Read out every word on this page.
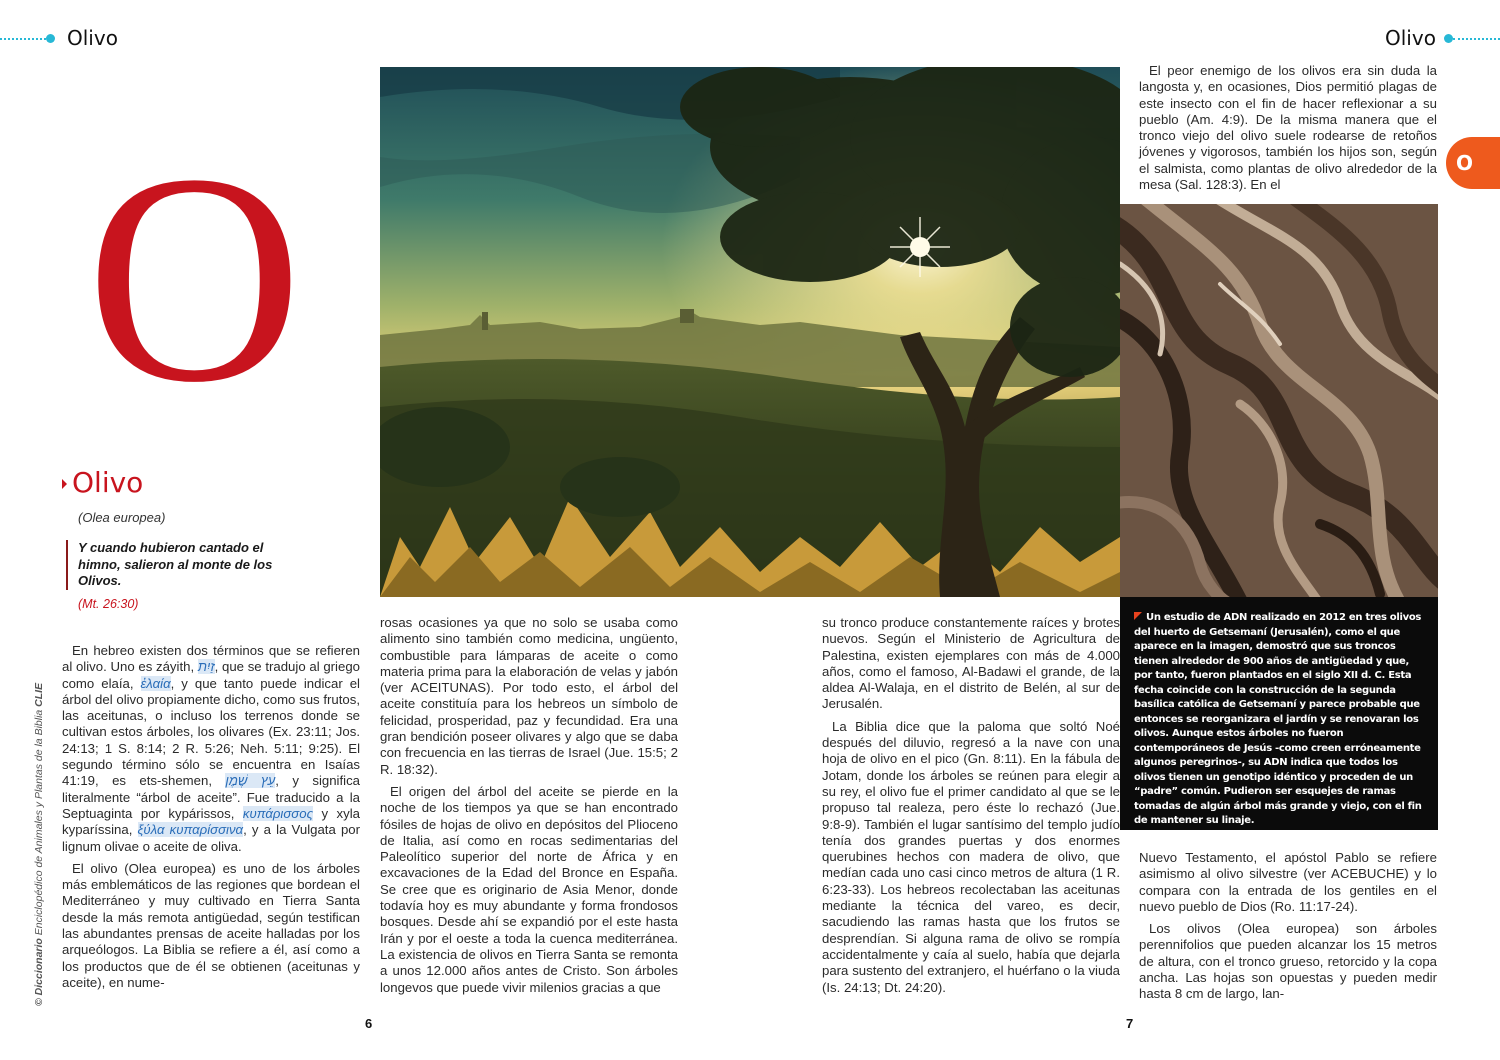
Olivo	Olivo
O
Olivo
(Olea europea)
Y cuando hubieron cantado el himno, salieron al monte de los Olivos.
(Mt. 26:30)

En hebreo existen dos términos que se refieren al olivo. Uno es záyith, זַיִת, que se tradujo al griego como elaía, ἐλαία, y que tanto puede indicar el árbol del olivo propiamente dicho, como sus frutos, las aceitunas, o incluso los terrenos donde se cultivan estos árboles, los olivares (Ex. 23:11; Jos. 24:13; 1 S. 8:14; 2 R. 5:26; Neh. 5:11; 9:25). El segundo término sólo se encuentra en Isaías 41:19, es ets-shemen, עֵץ שֶׁמֶן, y significa literalmente “árbol de aceite”. Fue traducido a la Septuaginta por kypárissos, κυπάρισσος y xyla kyparíssina, ξύλα κυπαρίσσινα, y a la Vulgata por lignum olivae o aceite de oliva.

El olivo (Olea europea) es uno de los árboles más emblemáticos de las regiones que bordean el Mediterráneo y muy cultivado en Tierra Santa desde la más remota antigüedad, según testifican las abundantes prensas de aceite halladas por los arqueólogos. La Biblia se refiere a él, así como a los productos que de él se obtienen (aceitunas y aceite), en nume-

rosas ocasiones ya que no solo se usaba como alimento sino también como medicina, ungüento, combustible para lámparas de aceite o como materia prima para la elaboración de velas y jabón (ver ACEITUNAS). Por todo esto, el árbol del aceite constituía para los hebreos un símbolo de felicidad, prosperidad, paz y fecundidad. Era una gran bendición poseer olivares y algo que se daba con frecuencia en las tierras de Israel (Jue. 15:5; 2 R. 18:32).

El origen del árbol del aceite se pierde en la noche de los tiempos ya que se han encontrado fósiles de hojas de olivo en depósitos del Plioceno de Italia, así como en rocas sedimentarias del Paleolítico superior del norte de África y en excavaciones de la Edad del Bronce en España. Se cree que es originario de Asia Menor, donde todavía hoy es muy abundante y forma frondosos bosques. Desde ahí se expandió por el este hasta Irán y por el oeste a toda la cuenca mediterránea. La existencia de olivos en Tierra Santa se remonta a unos 12.000 años antes de Cristo. Son árboles longevos que puede vivir milenios gracias a que

su tronco produce constantemente raíces y brotes nuevos. Según el Ministerio de Agricultura de Palestina, existen ejemplares con más de 4.000 años, como el famoso, Al-Badawi el grande, de la aldea Al-Walaja, en el distrito de Belén, al sur de Jerusalén.

La Biblia dice que la paloma que soltó Noé después del diluvio, regresó a la nave con una hoja de olivo en el pico (Gn. 8:11). En la fábula de Jotam, donde los árboles se reúnen para elegir a su rey, el olivo fue el primer candidato al que se le propuso tal realeza, pero éste lo rechazó (Jue. 9:8-9). También el lugar santísimo del templo judío tenía dos grandes puertas y dos enormes querubines hechos con madera de olivo, que medían cada uno casi cinco metros de altura (1 R. 6:23-33). Los hebreos recolectaban las aceitunas mediante la técnica del vareo, es decir, sacudiendo las ramas hasta que los frutos se desprendían. Si alguna rama de olivo se rompía accidentalmente y caía al suelo, había que dejarla para sustento del extranjero, el huérfano o la viuda (Is. 24:13; Dt. 24:20).

El peor enemigo de los olivos era sin duda la langosta y, en ocasiones, Dios permitió plagas de este insecto con el fin de hacer reflexionar a su pueblo (Am. 4:9). De la misma manera que el tronco viejo del olivo suele rodearse de retoños jóvenes y vigorosos, también los hijos son, según el salmista, como plantas de olivo alrededor de la mesa (Sal. 128:3). En el

Nuevo Testamento, el apóstol Pablo se refiere asimismo al olivo silvestre (ver ACEBUCHE) y lo compara con la entrada de los gentiles en el nuevo pueblo de Dios (Ro. 11:17-24).

Los olivos (Olea europea) son árboles perennifolios que pueden alcanzar los 15 metros de altura, con el tronco grueso, retorcido y la copa ancha. Las hojas son opuestas y pueden medir hasta 8 cm de largo, lan-

Un estudio de ADN realizado en 2012 en tres olivos del huerto de Getsemaní (Jerusalén), como el que aparece en la imagen, demostró que sus troncos tienen alrededor de 900 años de antigüedad y que, por tanto, fueron plantados en el siglo XII d. C. Esta fecha coincide con la construcción de la segunda basílica católica de Getsemaní y parece probable que entonces se reorganizara el jardín y se renovaran los olivos. Aunque estos árboles no fueron contemporáneos de Jesús -como creen erróneamente algunos peregrinos-, su ADN indica que todos los olivos tienen un genotipo idéntico y proceden de un “padre” común. Pudieron ser esquejes de ramas tomadas de algún árbol más grande y viejo, con el fin de mantener su linaje.
O
© Diccionario Enciclopédico de Animales y Plantas de la Biblia CLIE
6	7
